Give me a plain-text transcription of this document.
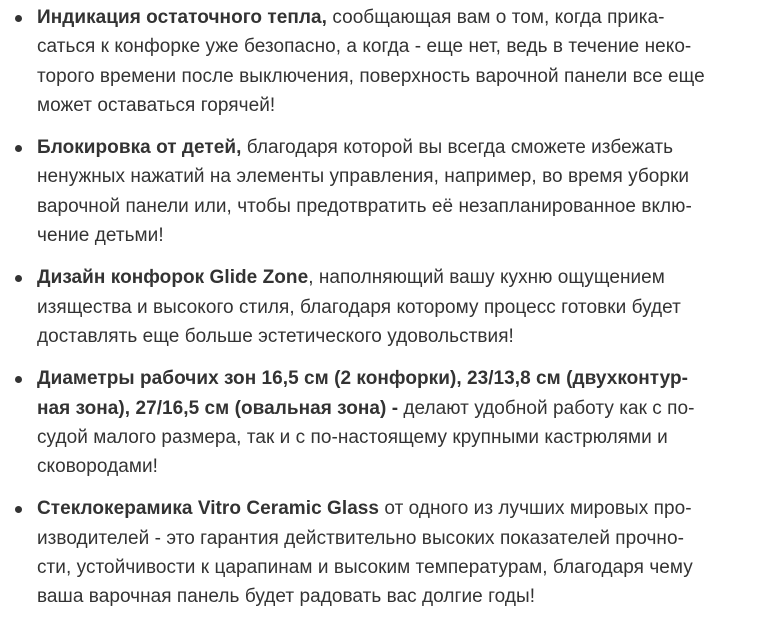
Индикация остаточного тепла, сообщающая вам о том, когда прика-
саться к конфорке уже безопасно, а когда - еще нет, ведь в течение неко-
торого времени после выключения, поверхность варочной панели все еще
может оставаться горячей!
Блокировка от детей, благодаря которой вы всегда сможете избежать
ненужных нажатий на элементы управления, например, во время уборки
варочной панели или, чтобы предотвратить её незапланированное вклю-
чение детьми!
Дизайн конфорок Glide Zone, наполняющий вашу кухню ощущением
изящества и высокого стиля, благодаря которому процесс готовки будет
доставлять еще больше эстетического удовольствия!
Диаметры рабочих зон 16,5 см (2 конфорки), 23/13,8 см (двухконтур-
ная зона), 27/16,5 см (овальная зона) - делают удобной работу как с по-
судой малого размера, так и с по-настоящему крупными кастрюлями и
сковородами!
Стеклокерамика Vitro Ceramic Glass от одного из лучших мировых про-
изводителей - это гарантия действительно высоких показателей прочно-
сти, устойчивости к царапинам и высоким температурам, благодаря чему
ваша варочная панель будет радовать вас долгие годы!
